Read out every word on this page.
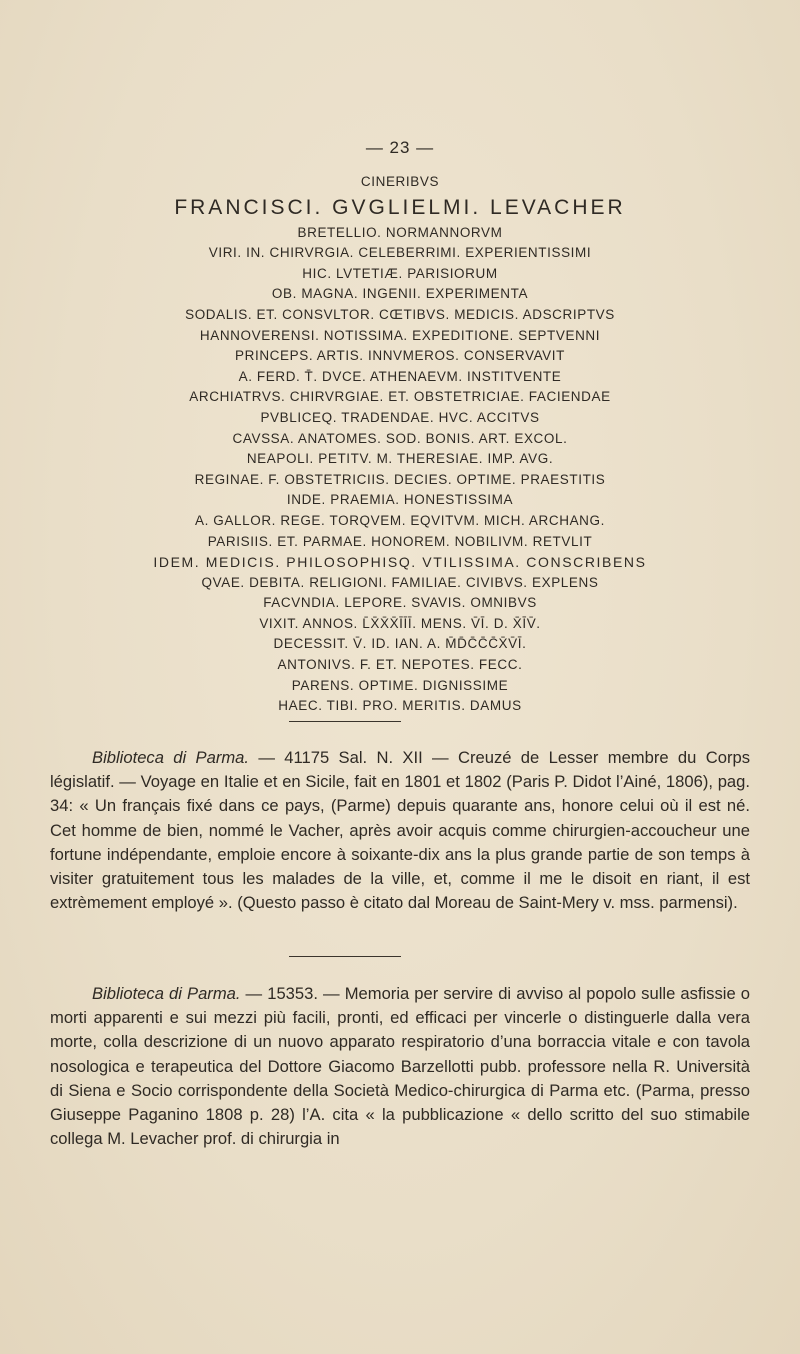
— 23 —
CINERIBVS
FRANCISCI. GVGLIELMI. LEVACHER
BRETELLIO. NORMANNORVM
VIRI. IN. CHIRVRGIA. CELEBERRIMI. EXPERIENTISSIMI
HIC. LVTETIÆ. PARISIORUM
OB. MAGNA. INGENII. EXPERIMENTA
SODALIS. ET. CONSVLTOR. CŒTIBVS. MEDICIS. ADSCRIPTVS
HANNOVERENSI. NOTISSIMA. EXPEDITIONE. SEPTVENNI
PRINCEPS. ARTIS. INNVMEROS. CONSERVAVIT
A. FERD. T̄. DVCE. ATHENAEVM. INSTITVENTE
ARCHIATRVS. CHIRVRGIAE. ET. OBSTETRICIAE. FACIENDAE
PVBLICEQ. TRADENDAE. HVC. ACCITVS
CAVSSA. ANATOMES. SOD. BONIS. ART. EXCOL.
NEAPOLI. PETITV. M. THERESIAE. IMP. AVG.
REGINAE. F. OBSTETRICIIS. DECIES. OPTIME. PRAESTITIS
INDE. PRAEMIA. HONESTISSIMA
A. GALLOR. REGE. TORQVEM. EQVITVM. MICH. ARCHANG.
PARISIIS. ET. PARMAE. HONOREM. NOBILIVM. RETVLIT
IDEM. MEDICIS. PHILOSOPHISQ. VTILISSIMA. CONSCRIBENS
QVAE. DEBITA. RELIGIONI. FAMILIAE. CIVIBVS. EXPLENS
FACVNDIA. LEPORE. SVAVIS. OMNIBVS
VIXIT. ANNOS. L̄X̄X̄X̄ĪĪĪ. MENS. V̄Ī. D. X̄ĪV̄.
DECESSIT. V̄. ID. IAN. A. M̄D̄C̄C̄C̄X̄V̄Ī.
ANTONIVS. F. ET. NEPOTES. FECC.
PARENS. OPTIME. DIGNISSIME
HAEC. TIBI. PRO. MERITIS. DAMUS

Biblioteca di Parma. — 41175 Sal. N. XII — Creuzé de Lesser membre du Corps législatif. — Voyage en Italie et en Sicile, fait en 1801 et 1802 (Paris P. Didot l’Ainé, 1806), pag. 34: « Un français fixé dans ce pays, (Parme) depuis quarante ans, honore celui où il est né. Cet homme de bien, nommé le Vacher, après avoir acquis comme chirurgien-accoucheur une fortune indépendante, emploie encore à soixante-dix ans la plus grande partie de son temps à visiter gratuitement tous les malades de la ville, et, comme il me le disoit en riant, il est extrèmement employé ». (Questo passo è citato dal Moreau de Saint-Mery v. mss. parmensi).

Biblioteca di Parma. — 15353. — Memoria per servire di avviso al popolo sulle asfissie o morti apparenti e sui mezzi più facili, pronti, ed efficaci per vincerle o distinguerle dalla vera morte, colla descrizione di un nuovo apparato respiratorio d’una borraccia vitale e con tavola nosologica e terapeutica del Dottore Giacomo Barzellotti pubb. professore nella R. Università di Siena e Socio corrispondente della Società Medico-chirurgica di Parma etc. (Parma, presso Giuseppe Paganino 1808 p. 28) l’A. cita « la pubblicazione « dello scritto del suo stimabile collega M. Levacher prof. di chirurgia in
